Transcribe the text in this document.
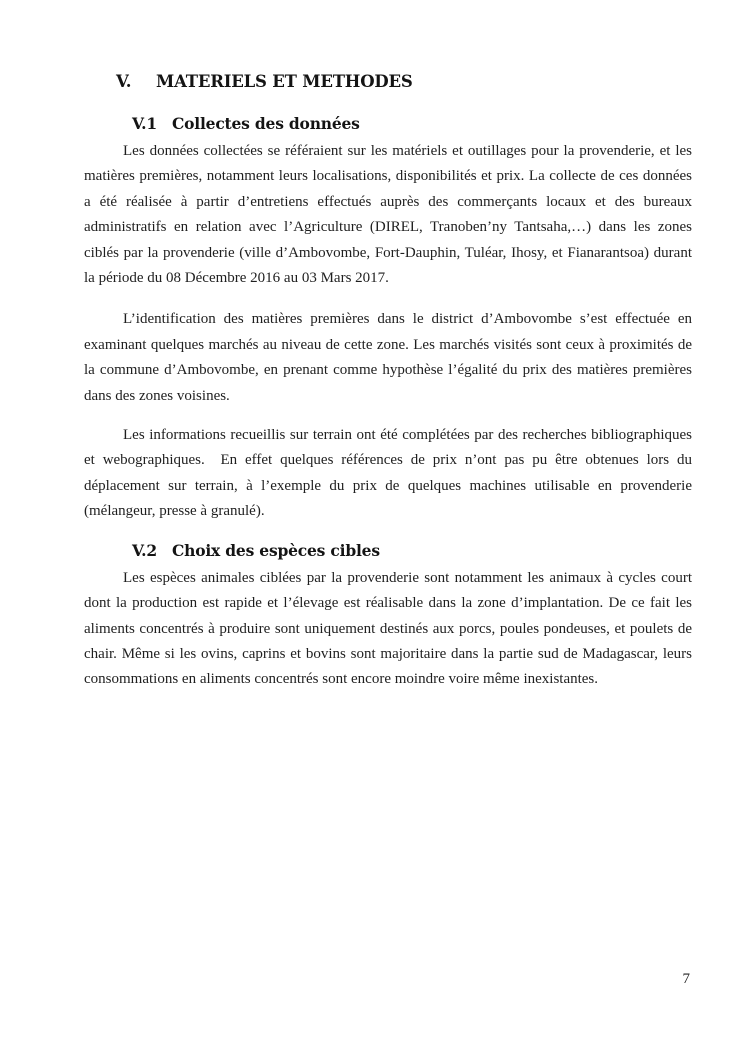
V. MATERIELS ET METHODES
V.1 Collectes des données

Les données collectées se référaient sur les matériels et outillages pour la provenderie, et les matières premières, notamment leurs localisations, disponibilités et prix. La collecte de ces données a été réalisée à partir d’entretiens effectués auprès des commerçants locaux et des bureaux administratifs en relation avec l’Agriculture (DIREL, Tranoben’ny Tantsaha,…) dans les zones ciblés par la provenderie (ville d’Ambovombe, Fort-Dauphin, Tuléar, Ihosy, et Fianarantsoa) durant la période du 08 Décembre 2016 au 03 Mars 2017.

L’identification des matières premières dans le district d’Ambovombe s’est effectuée en examinant quelques marchés au niveau de cette zone. Les marchés visités sont ceux à proximités de la commune d’Ambovombe, en prenant comme hypothèse l’égalité du prix des matières premières dans des zones voisines.

Les informations recueillis sur terrain ont été complétées par des recherches bibliographiques et webographiques.  En effet quelques références de prix n’ont pas pu être obtenues lors du déplacement sur terrain, à l’exemple du prix de quelques machines utilisable en provenderie (mélangeur, presse à granulé).

V.2 Choix des espèces cibles

Les espèces animales ciblées par la provenderie sont notamment les animaux à cycles court dont la production est rapide et l’élevage est réalisable dans la zone d’implantation. De ce fait les aliments concentrés à produire sont uniquement destinés aux porcs, poules pondeuses, et poulets de chair. Même si les ovins, caprins et bovins sont majoritaire dans la partie sud de Madagascar, leurs consommations en aliments concentrés sont encore moindre voire même inexistantes.

7
